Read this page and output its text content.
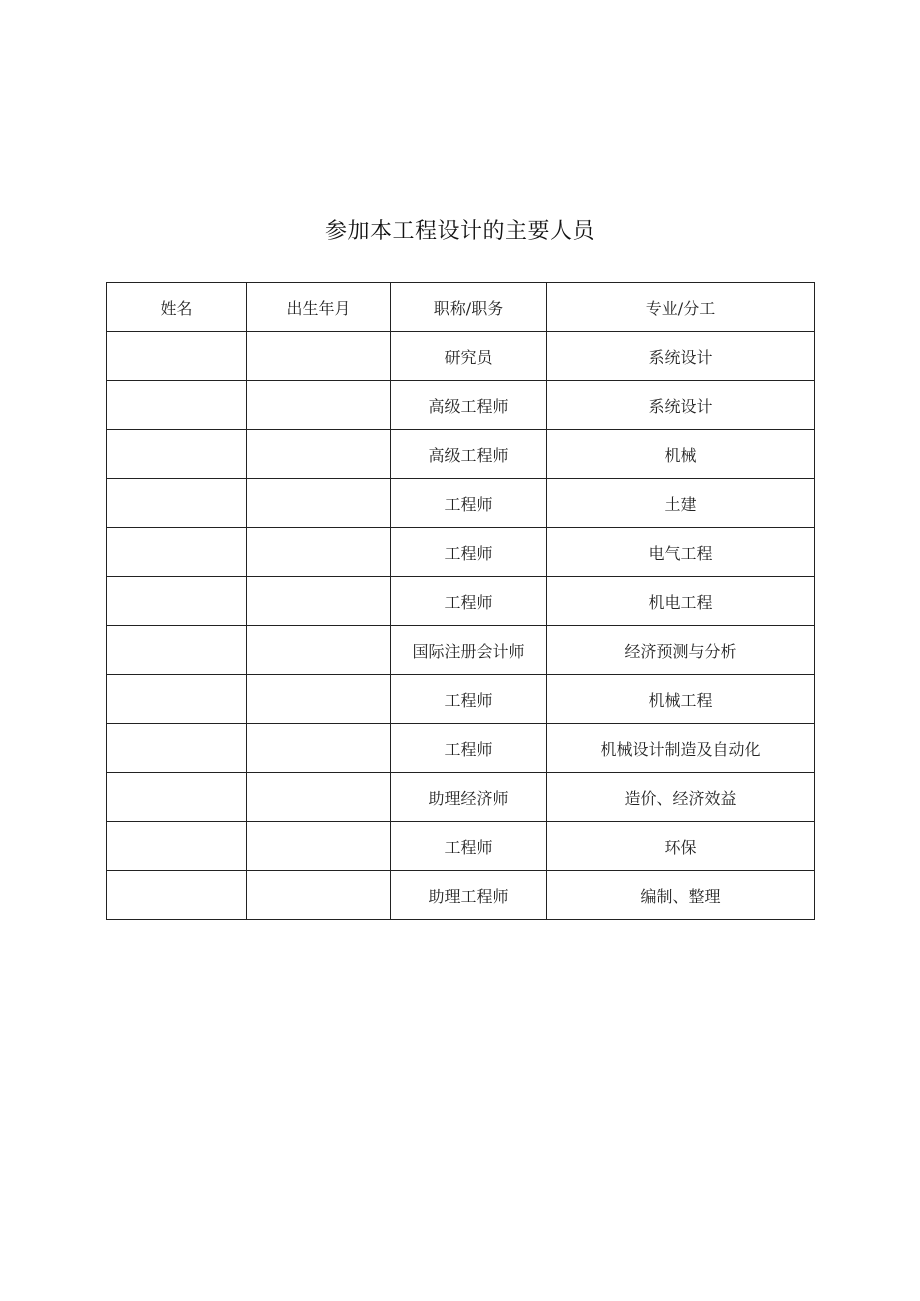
参加本工程设计的主要人员
姓名	出生年月	职称/职务	专业/分工
		研究员	系统设计
		高级工程师	系统设计
		高级工程师	机械
		工程师	土建
		工程师	电气工程
		工程师	机电工程
		国际注册会计师	经济预测与分析
		工程师	机械工程
		工程师	机械设计制造及自动化
		助理经济师	造价、经济效益
		工程师	环保
		助理工程师	编制、整理
